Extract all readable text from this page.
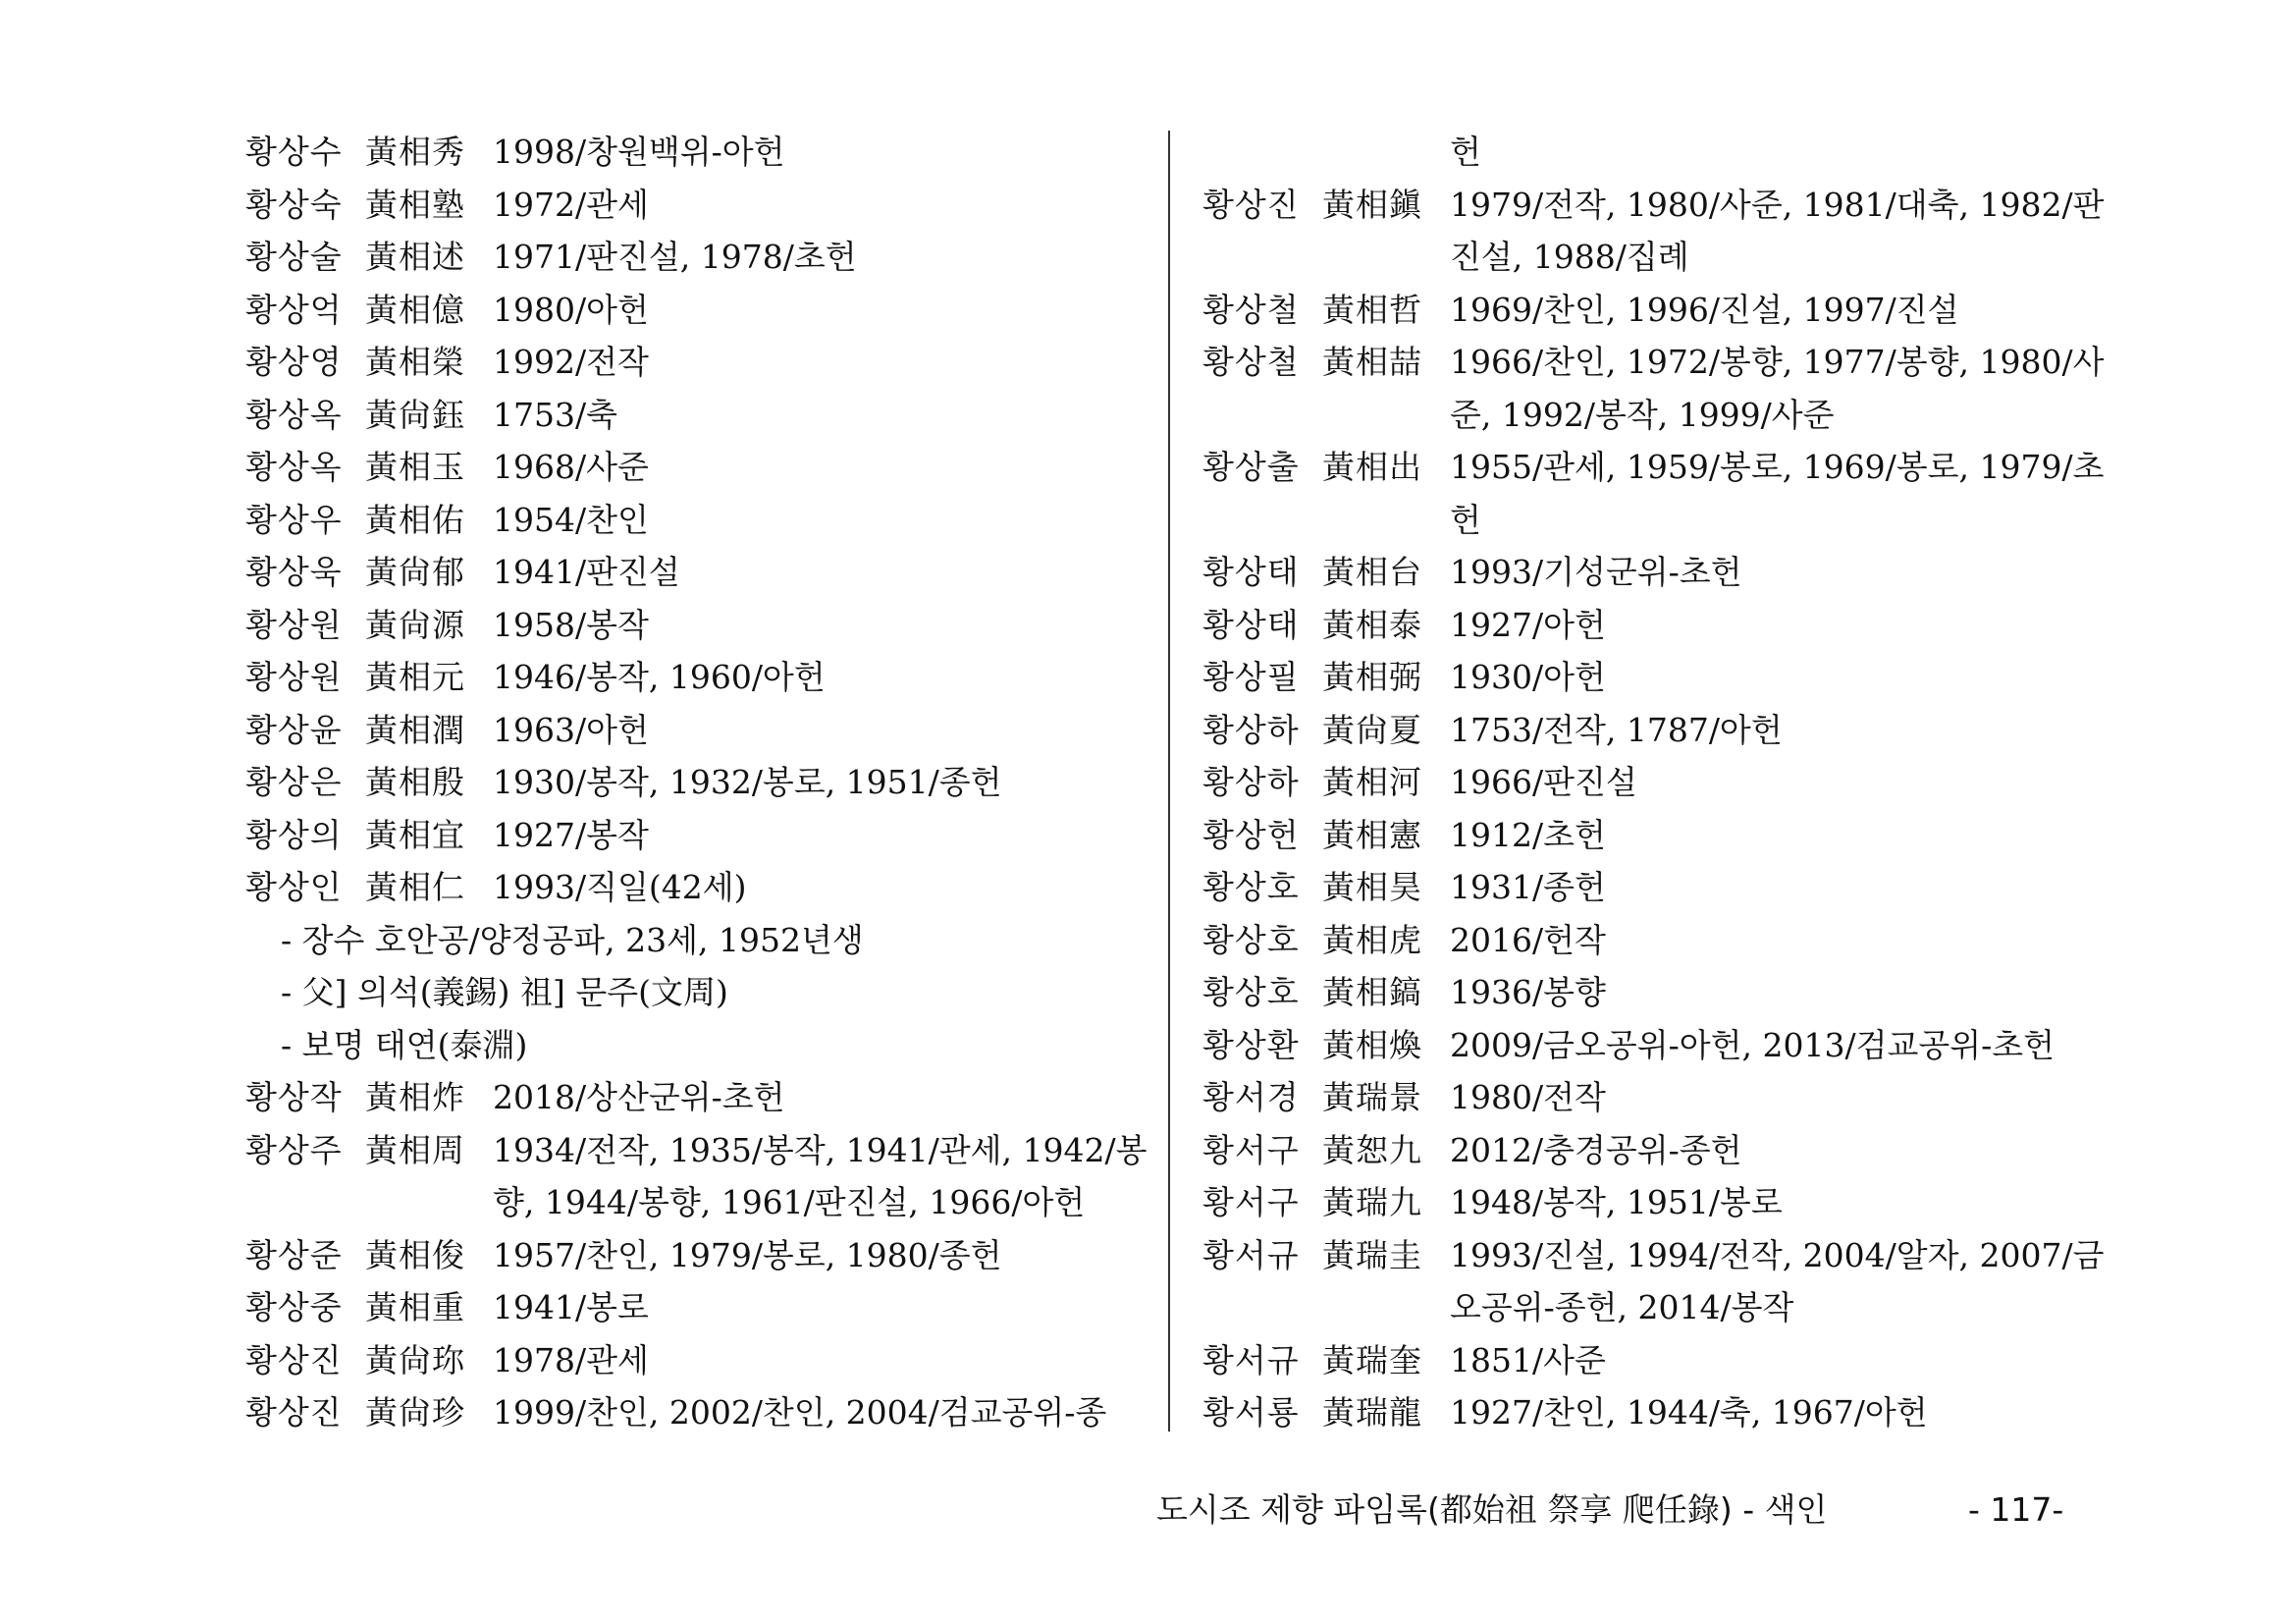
황상수 黃相秀 1998/창원백위-아헌
황상숙 黃相塾 1972/관세
황상술 黃相述 1971/판진설, 1978/초헌
황상억 黃相億 1980/아헌
황상영 黃相榮 1992/전작
황상옥 黃尙鈺 1753/축
황상옥 黃相玉 1968/사준
황상우 黃相佑 1954/찬인
황상욱 黃尙郁 1941/판진설
황상원 黃尙源 1958/봉작
황상원 黃相元 1946/봉작, 1960/아헌
황상윤 黃相潤 1963/아헌
황상은 黃相殷 1930/봉작, 1932/봉로, 1951/종헌
황상의 黃相宜 1927/봉작
황상인 黃相仁 1993/직일(42세)
- 장수 호안공/양정공파, 23세, 1952년생
- 父] 의석(義錫) 祖] 문주(文周)
- 보명 태연(泰淵)
황상작 黃相炸 2018/상산군위-초헌
황상주 黃相周 1934/전작, 1935/봉작, 1941/관세, 1942/봉
향, 1944/봉향, 1961/판진설, 1966/아헌
황상준 黃相俊 1957/찬인, 1979/봉로, 1980/종헌
황상중 黃相重 1941/봉로
황상진 黃尙珎 1978/관세
황상진 黃尙珍 1999/찬인, 2002/찬인, 2004/검교공위-종
헌
황상진 黃相鎭 1979/전작, 1980/사준, 1981/대축, 1982/판
진설, 1988/집례
황상철 黃相哲 1969/찬인, 1996/진설, 1997/진설
황상철 黃相喆 1966/찬인, 1972/봉향, 1977/봉향, 1980/사
준, 1992/봉작, 1999/사준
황상출 黃相出 1955/관세, 1959/봉로, 1969/봉로, 1979/초
헌
황상태 黃相台 1993/기성군위-초헌
황상태 黃相泰 1927/아헌
황상필 黃相弼 1930/아헌
황상하 黃尙夏 1753/전작, 1787/아헌
황상하 黃相河 1966/판진설
황상헌 黃相憲 1912/초헌
황상호 黃相昊 1931/종헌
황상호 黃相虎 2016/헌작
황상호 黃相鎬 1936/봉향
황상환 黃相煥 2009/금오공위-아헌, 2013/검교공위-초헌
황서경 黃瑞景 1980/전작
황서구 黃恕九 2012/충경공위-종헌
황서구 黃瑞九 1948/봉작, 1951/봉로
황서규 黃瑞圭 1993/진설, 1994/전작, 2004/알자, 2007/금
오공위-종헌, 2014/봉작
황서규 黃瑞奎 1851/사준
황서룡 黃瑞龍 1927/찬인, 1944/축, 1967/아헌
도시조 제향 파임록(都始祖 祭享 爬任錄) - 색인	- 117-
